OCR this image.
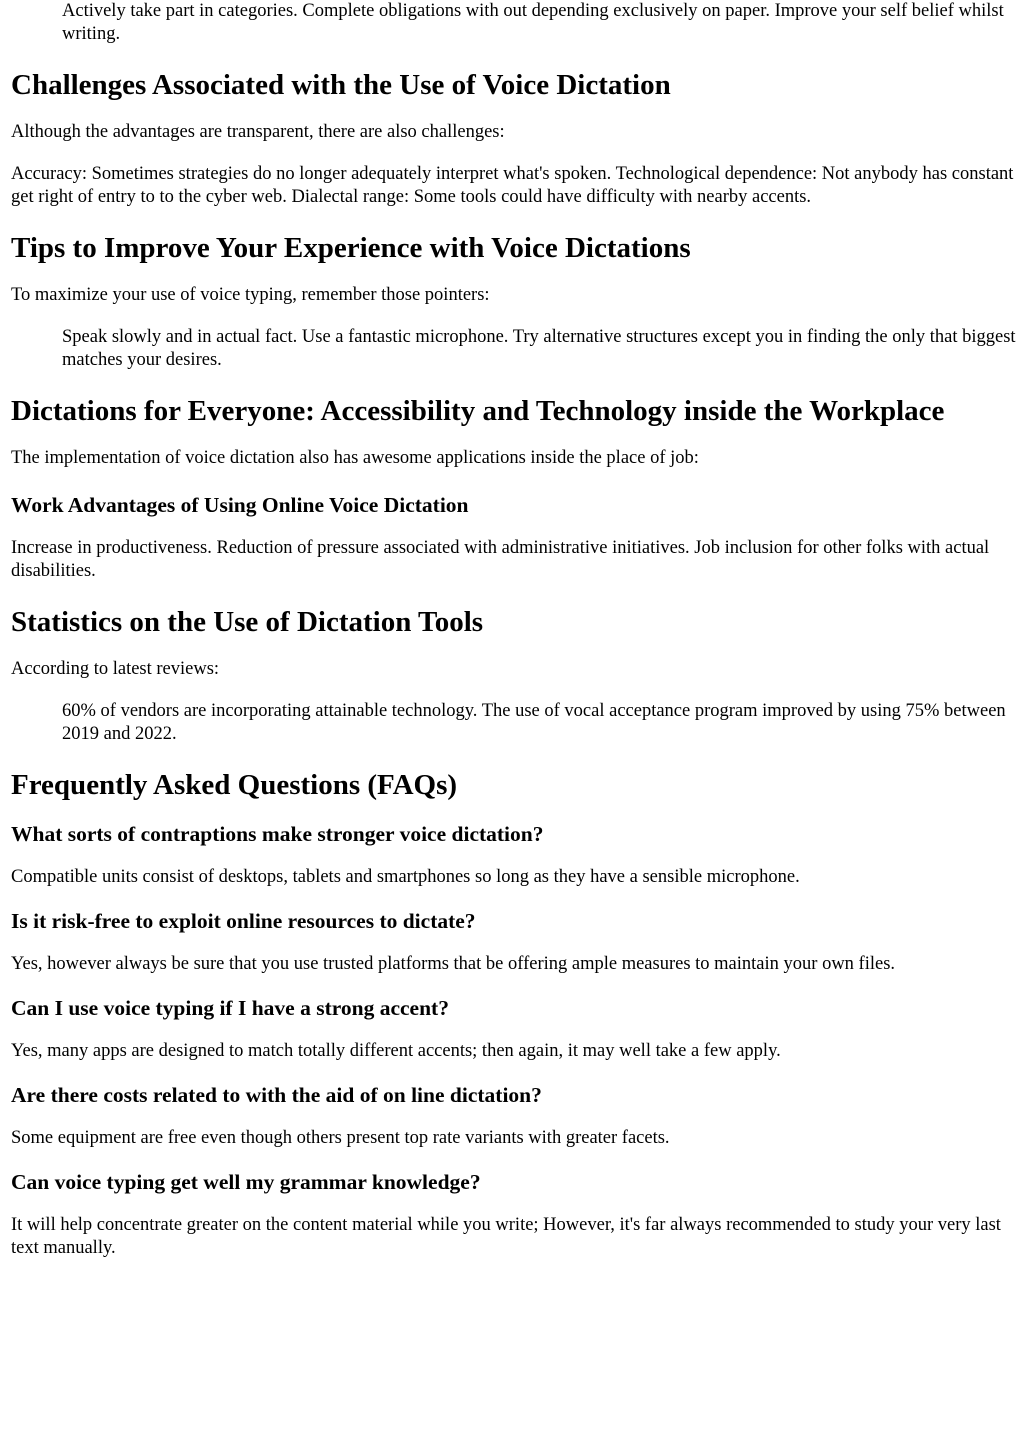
Actively take part in categories. Complete obligations with out depending exclusively on paper. Improve your self belief whilst writing.
Challenges Associated with the Use of Voice Dictation

Although the advantages are transparent, there are also challenges:

Accuracy: Sometimes strategies do no longer adequately interpret what's spoken. Technological dependence: Not anybody has constant get right of entry to to the cyber web. Dialectal range: Some tools could have difficulty with nearby accents.

Tips to Improve Your Experience with Voice Dictations

To maximize your use of voice typing, remember those pointers:

Speak slowly and in actual fact. Use a fantastic microphone. Try alternative structures except you in finding the only that biggest matches your desires.
Dictations for Everyone: Accessibility and Technology inside the Workplace

The implementation of voice dictation also has awesome applications inside the place of job:

Work Advantages of Using Online Voice Dictation

Increase in productiveness. Reduction of pressure associated with administrative initiatives. Job inclusion for other folks with actual disabilities.

Statistics on the Use of Dictation Tools

According to latest reviews:

60% of vendors are incorporating attainable technology. The use of vocal acceptance program improved by using 75% between 2019 and 2022.
Frequently Asked Questions (FAQs)
What sorts of contraptions make stronger voice dictation?

Compatible units consist of desktops, tablets and smartphones so long as they have a sensible microphone.

Is it risk-free to exploit online resources to dictate?

Yes, however always be sure that you use trusted platforms that be offering ample measures to maintain your own files.

Can I use voice typing if I have a strong accent?

Yes, many apps are designed to match totally different accents; then again, it may well take a few apply.

Are there costs related to with the aid of on line dictation?

Some equipment are free even though others present top rate variants with greater facets.

Can voice typing get well my grammar knowledge?

It will help concentrate greater on the content material while you write; However, it's far always recommended to study your very last text manually.
